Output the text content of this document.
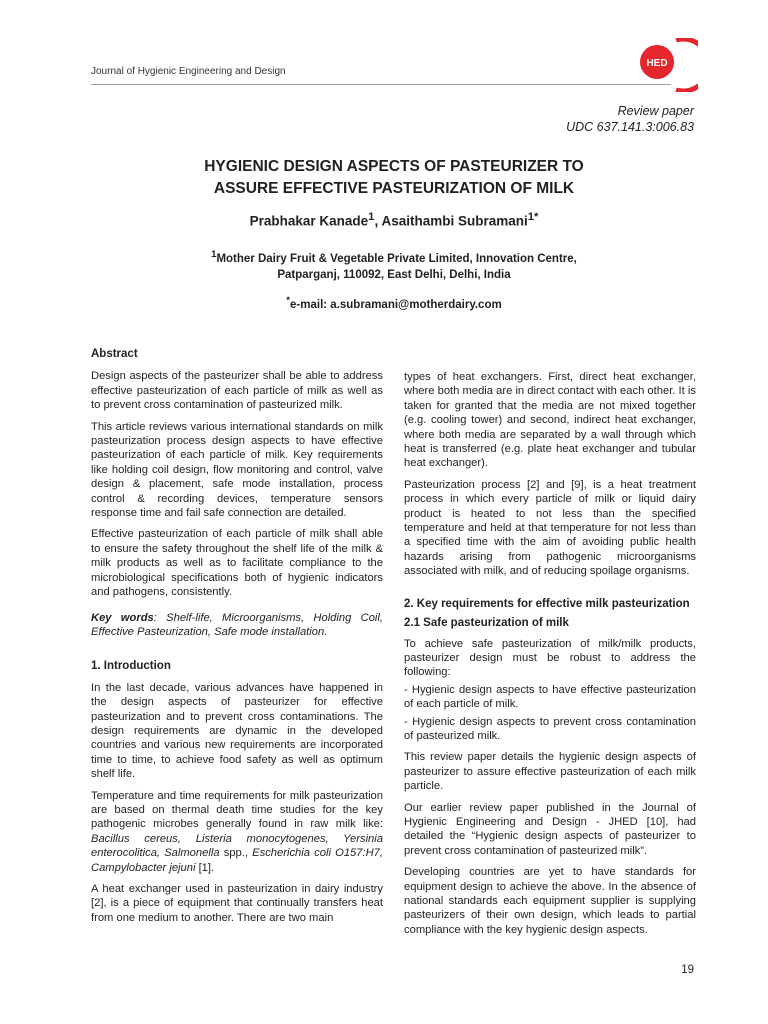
Journal of Hygienic Engineering and Design
HED
Review paper
UDC 637.141.3:006.83
HYGIENIC DESIGN ASPECTS OF PASTEURIZER TO
ASSURE EFFECTIVE PASTEURIZATION OF MILK
Prabhakar Kanade$^1$, Asaithambi Subramani$^{1*}$
$^1$Mother Dairy Fruit & Vegetable Private Limited, Innovation Centre,
Patparganj, 110092, East Delhi, Delhi, India
*e-mail: a.subramani@motherdairy.com
Abstract

Design aspects of the pasteurizer shall be able to address effective pasteurization of each particle of milk as well as to prevent cross contamination of pasteurized milk.

This article reviews various international standards on milk pasteurization process design aspects to have effective pasteurization of each particle of milk. Key requirements like holding coil design, flow monitoring and control, valve design & placement, safe mode installation, process control & recording devices, temperature sensors response time and fail safe connection are detailed.

Effective pasteurization of each particle of milk shall able to ensure the safety throughout the shelf life of the milk & milk products as well as to facilitate compliance to the microbiological specifications both of hygienic indicators and pathogens, consistently.

Key words: Shelf-life, Microorganisms, Holding Coil, Effective Pasteurization, Safe mode installation.

1. Introduction

In the last decade, various advances have happened in the design aspects of pasteurizer for effective pasteurization and to prevent cross contaminations. The design requirements are dynamic in the developed countries and various new requirements are incorporated time to time, to achieve food safety as well as optimum shelf life.

Temperature and time requirements for milk pasteurization are based on thermal death time studies for the key pathogenic microbes generally found in raw milk like: Bacillus cereus, Listeria monocytogenes, Yersinia enterocolitica, Salmonella spp., Escherichia coli O157:H7, Campylobacter jejuni [1].

A heat exchanger used in pasteurization in dairy industry [2], is a piece of equipment that continually transfers heat from one medium to another. There are two main

types of heat exchangers. First, direct heat exchanger, where both media are in direct contact with each other. It is taken for granted that the media are not mixed together (e.g. cooling tower) and second, indirect heat exchanger, where both media are separated by a wall through which heat is transferred (e.g. plate heat exchanger and tubular heat exchanger).

Pasteurization process [2] and [9], is a heat treatment process in which every particle of milk or liquid dairy product is heated to not less than the specified temperature and held at that temperature for not less than a specified time with the aim of avoiding public health hazards arising from pathogenic microorganisms associated with milk, and of reducing spoilage organisms.

2. Key requirements for effective milk pasteurization
2.1 Safe pasteurization of milk

To achieve safe pasteurization of milk/milk products, pasteurizer design must be robust to address the following:

- Hygienic design aspects to have effective pasteurization of each particle of milk.

- Hygienic design aspects to prevent cross contamination of pasteurized milk.

This review paper details the hygienic design aspects of pasteurizer to assure effective pasteurization of each milk particle.

Our earlier review paper published in the Journal of Hygienic Engineering and Design - JHED [10], had detailed the “Hygienic design aspects of pasteurizer to prevent cross contamination of pasteurized milk”.

Developing countries are yet to have standards for equipment design to achieve the above. In the absence of national standards each equipment supplier is supplying pasteurizers of their own design, which leads to partial compliance with the key hygienic design aspects.

19
